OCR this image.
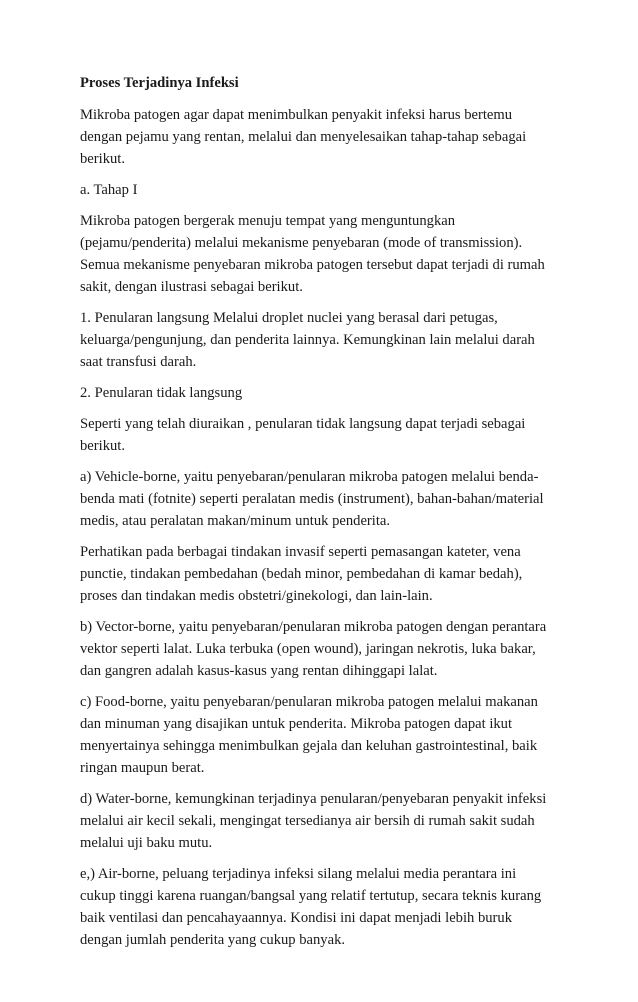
Proses Terjadinya Infeksi
Mikroba patogen agar dapat menimbulkan penyakit infeksi harus bertemu
dengan pejamu yang rentan, melalui dan menyelesaikan tahap-tahap sebagai
berikut.
a. Tahap I
Mikroba patogen bergerak menuju tempat yang menguntungkan
(pejamu/penderita) melalui mekanisme penyebaran (mode of transmission).
Semua mekanisme penyebaran mikroba patogen tersebut dapat terjadi di rumah
sakit, dengan ilustrasi sebagai berikut.
1. Penularan langsung Melalui droplet nuclei yang berasal dari petugas,
keluarga/pengunjung, dan penderita lainnya. Kemungkinan lain melalui darah
saat transfusi darah.
2. Penularan tidak langsung
Seperti yang telah diuraikan , penularan tidak langsung dapat terjadi sebagai
berikut.
a) Vehicle-borne, yaitu penyebaran/penularan mikroba patogen melalui benda-
benda mati (fotnite) seperti peralatan medis (instrument), bahan-bahan/material
medis, atau peralatan makan/minum untuk penderita.
Perhatikan pada berbagai tindakan invasif seperti pemasangan kateter, vena
punctie, tindakan pembedahan (bedah minor, pembedahan di kamar bedah),
proses dan tindakan medis obstetri/ginekologi, dan lain-lain.
b) Vector-borne, yaitu penyebaran/penularan mikroba patogen dengan perantara
vektor seperti lalat. Luka terbuka (open wound), jaringan nekrotis, luka bakar,
dan gangren adalah kasus-kasus yang rentan dihinggapi lalat.
c) Food-borne, yaitu penyebaran/penularan mikroba patogen melalui makanan
dan minuman yang disajikan untuk penderita. Mikroba patogen dapat ikut
menyertainya sehingga menimbulkan gejala dan keluhan gastrointestinal, baik
ringan maupun berat.
d) Water-borne, kemungkinan terjadinya penularan/penyebaran penyakit infeksi
melalui air kecil sekali, mengingat tersedianya air bersih di rumah sakit sudah
melalui uji baku mutu.
e,) Air-borne, peluang terjadinya infeksi silang melalui media perantara ini
cukup tinggi karena ruangan/bangsal yang relatif tertutup, secara teknis kurang
baik ventilasi dan pencahayaannya. Kondisi ini dapat menjadi lebih buruk
dengan jumlah penderita yang cukup banyak.
